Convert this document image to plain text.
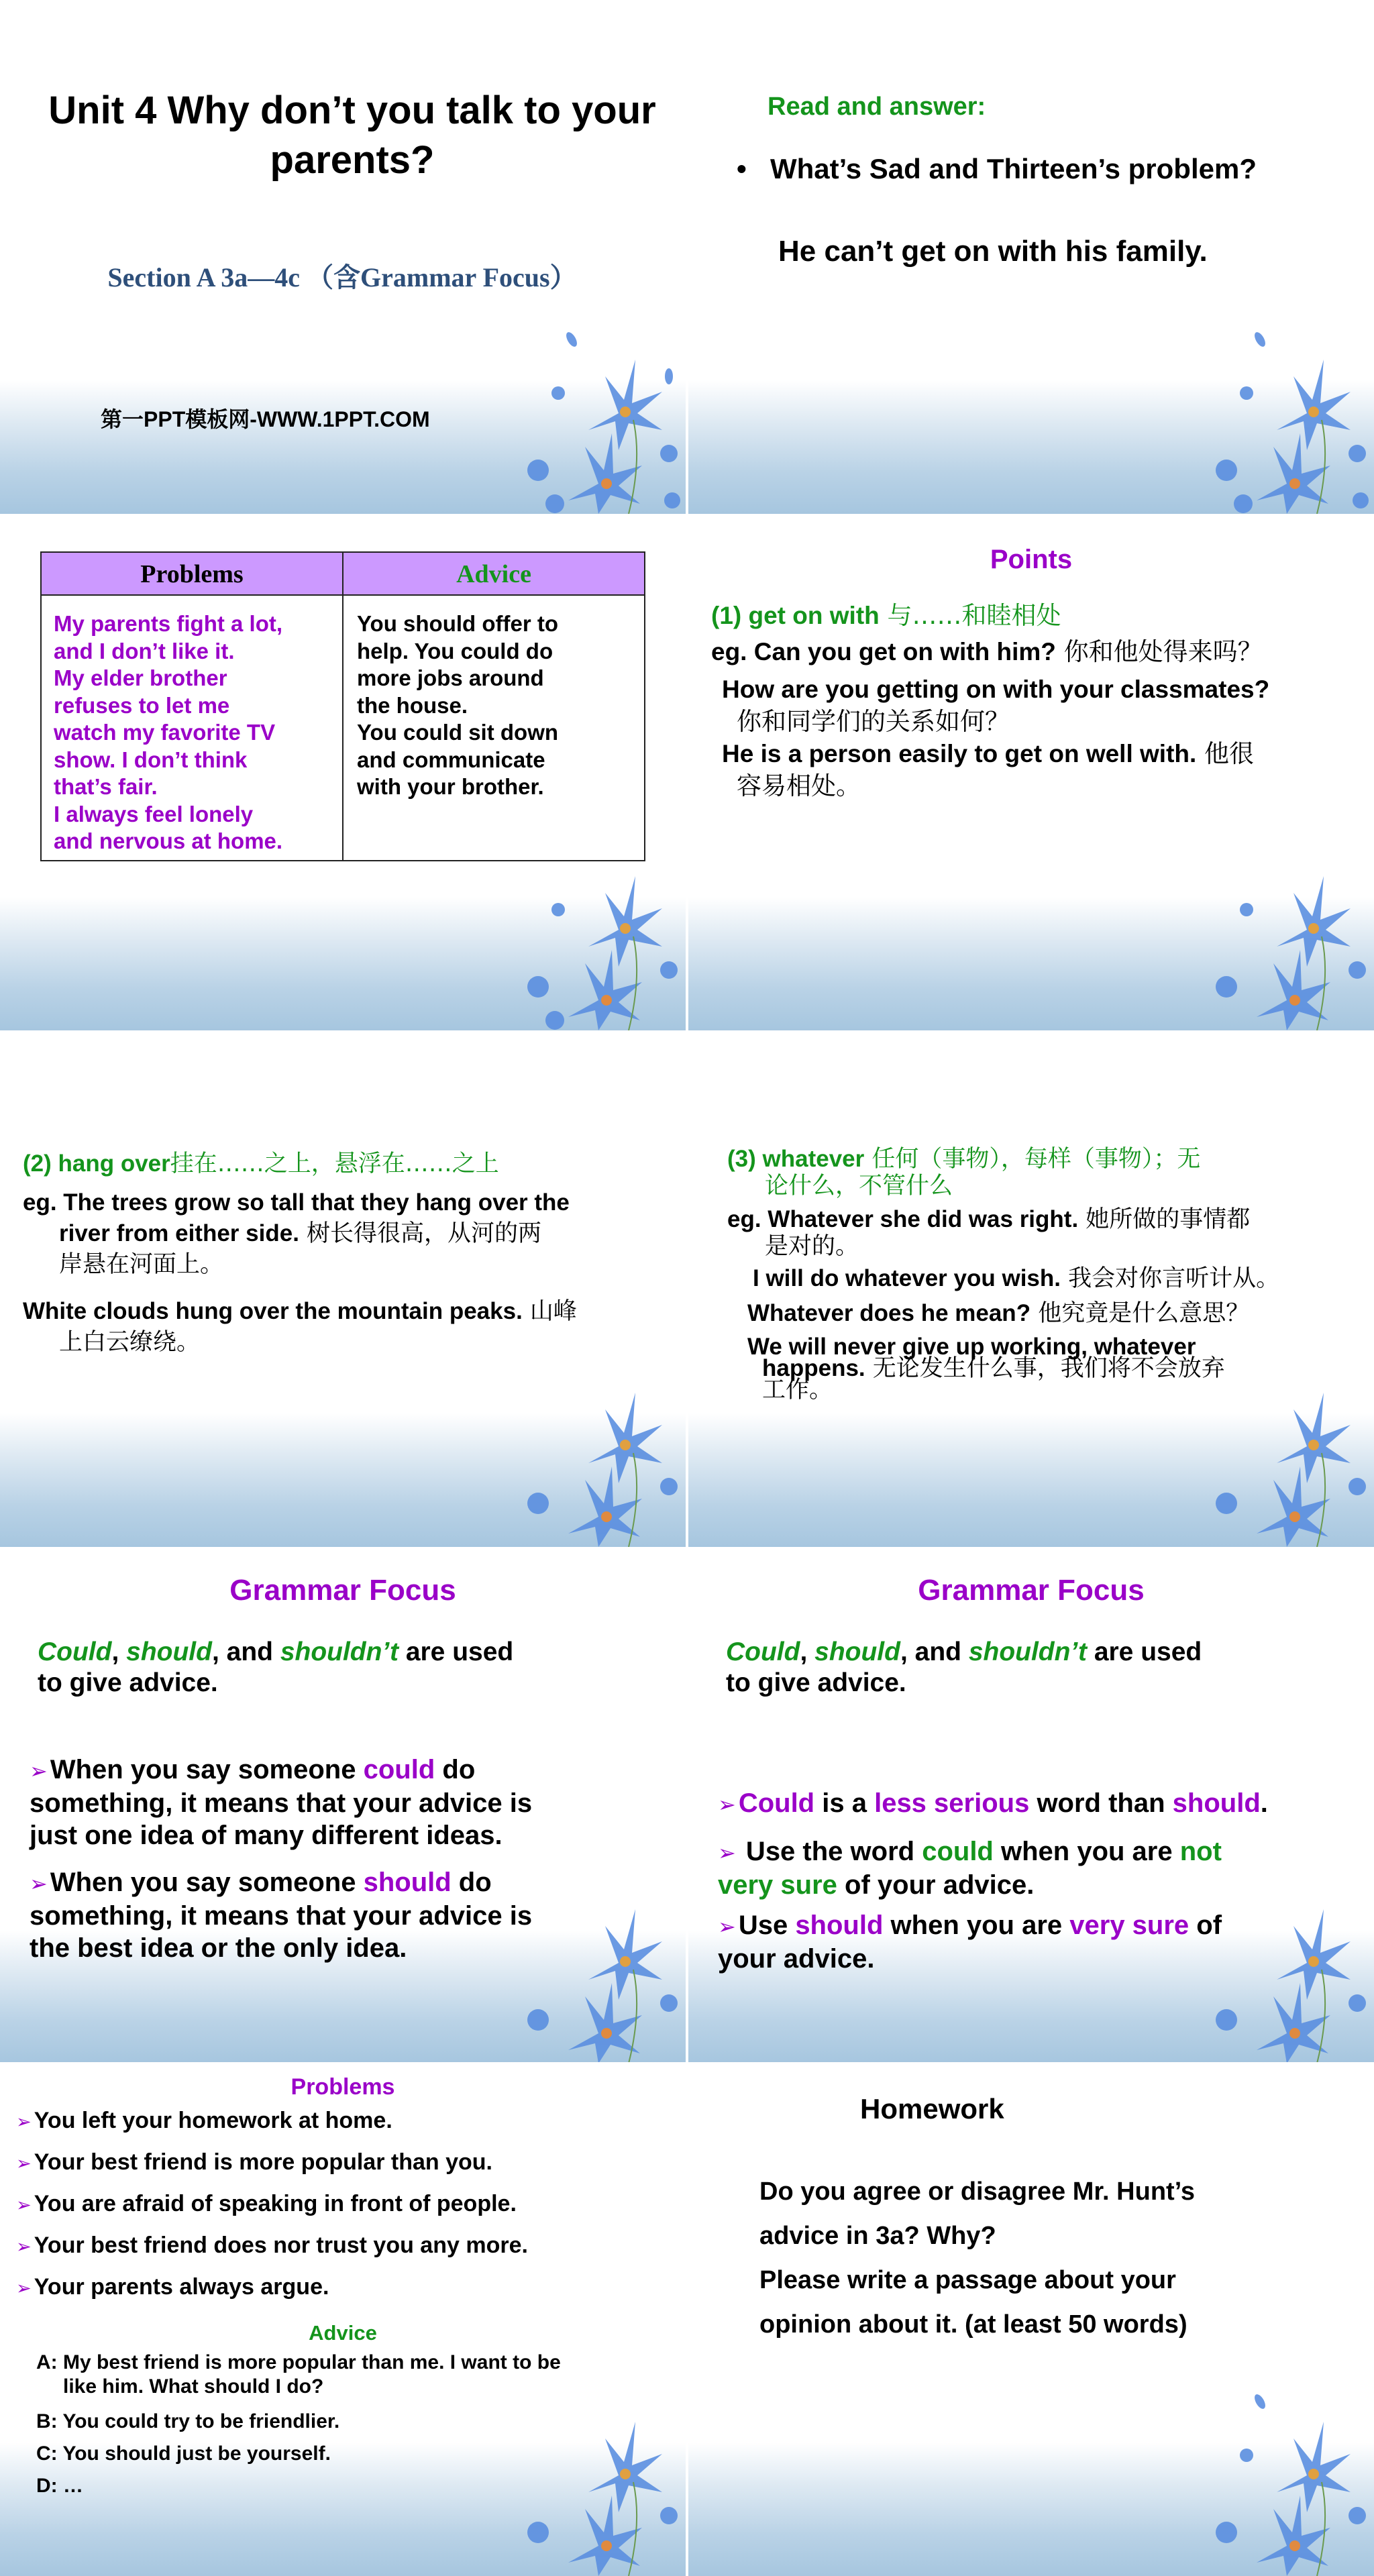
Unit 4 Why don’t you talk to your parents?
Section A 3a—4c （含Grammar Focus）
第一PPT模板网-WWW.1PPT.COM
Read and answer:
• What’s Sad and Thirteen’s problem?
He can’t get on with his family.
Problems	Advice
My parents fight a lot,
and I don’t like it.
My elder brother
refuses to let me
watch my favorite TV
show. I don’t think
that’s fair.
I always feel lonely
and nervous at home.
You should offer to
help. You could do
more jobs around
the house.
You could sit down
and communicate
with your brother.
Points
(1) get on with 与……和睦相处
eg. Can you get on with him? 你和他处得来吗？
How are you getting on with your classmates?
你和同学们的关系如何？
He is a person easily to get on well with. 他很
容易相处。
(2) hang over挂在……之上，悬浮在……之上
eg. The trees grow so tall that they hang over the
river from either side. 树长得很高，从河的两
岸悬在河面上。
White clouds hung over the mountain peaks. 山峰
上白云缭绕。
(3) whatever 任何（事物），每样（事物）；无
论什么，不管什么
eg. Whatever she did was right. 她所做的事情都
是对的。
I will do whatever you wish. 我会对你言听计从。
Whatever does he mean? 他究竟是什么意思？
We will never give up working, whatever
happens. 无论发生什么事，我们将不会放弃
工作。
Grammar Focus
Could, should, and shouldn’t are used
to give advice.
➢ When you say someone could do
something, it means that your advice is
just one idea of many different ideas.
➢ When you say someone should do
something, it means that your advice is
the best idea or the only idea.
Grammar Focus
Could, should, and shouldn’t are used
to give advice.
➢ Could is a less serious word than should.
➢ Use the word could when you are not
very sure of your advice.
➢ Use should when you are very sure of
your advice.
Problems
➢ You left your homework at home.
➢ Your best friend is more popular than you.
➢ You are afraid of speaking in front of people.
➢ Your best friend does nor trust you any more.
➢ Your parents always argue.
Advice
A: My best friend is more popular than me. I want to be
like him. What should I do?
B: You could try to be friendlier.
C: You should just be yourself.
D: …
Homework
Do you agree or disagree Mr. Hunt’s
advice in 3a? Why?
Please write a passage about your
opinion about it. (at least 50 words)
